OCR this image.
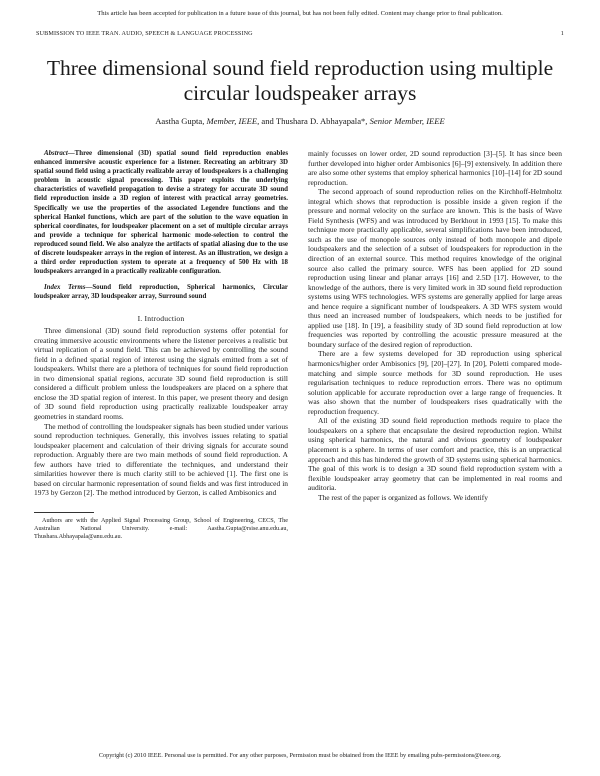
This article has been accepted for publication in a future issue of this journal, but has not been fully edited. Content may change prior to final publication.
SUBMISSION TO IEEE TRAN. AUDIO, SPEECH & LANGUAGE PROCESSING	1
Three dimensional sound field reproduction using multiple circular loudspeaker arrays
Aastha Gupta, Member, IEEE, and Thushara D. Abhayapala*, Senior Member, IEEE

Abstract—Three dimensional (3D) spatial sound field reproduction enables enhanced immersive acoustic experience for a listener. Recreating an arbitrary 3D spatial sound field using a practically realizable array of loudspeakers is a challenging problem in acoustic signal processing. This paper exploits the underlying characteristics of wavefield propagation to devise a strategy for accurate 3D sound field reproduction inside a 3D region of interest with practical array geometries. Specifically we use the properties of the associated Legendre functions and the spherical Hankel functions, which are part of the solution to the wave equation in spherical coordinates, for loudspeaker placement on a set of multiple circular arrays and provide a technique for spherical harmonic mode-selection to control the reproduced sound field. We also analyze the artifacts of spatial aliasing due to the use of discrete loudspeaker arrays in the region of interest. As an illustration, we design a a third order reproduction system to operate at a frequency of 500 Hz with 18 loudspeakers arranged in a practically realizable configuration.

Index Terms—Sound field reproduction, Spherical harmonics, Circular loudspeaker array, 3D loudspeaker array, Surround sound

I. Introduction

Three dimensional (3D) sound field reproduction systems offer potential for creating immersive acoustic environments where the listener perceives a realistic but virtual replication of a sound field. This can be achieved by controlling the sound field in a defined spatial region of interest using the signals emitted from a set of loudspeakers. Whilst there are a plethora of techniques for sound field reproduction in two dimensional spatial regions, accurate 3D sound field reproduction is still considered a difficult problem unless the loudspeakers are placed on a sphere that enclose the 3D spatial region of interest. In this paper, we present theory and design of 3D sound field reproduction using practically realizable loudspeaker array geometries in standard rooms.

The method of controlling the loudspeaker signals has been studied under various sound reproduction techniques. Generally, this involves issues relating to spatial loudspeaker placement and calculation of their driving signals for accurate sound reproduction. Arguably there are two main methods of sound field reproduction. A few authors have tried to differentiate the techniques, and understand their similarities however there is much clarity still to be achieved [1]. The first one is based on circular harmonic representation of sound fields and was first introduced in 1973 by Gerzon [2]. The method introduced by Gerzon, is called Ambisonics and

Authors are with the Applied Signal Processing Group, School of Engineering, CECS, The Australian National University. e-mail: Aastha.Gupta@rsise.anu.edu.au, Thushara.Abhayapala@anu.edu.au.

mainly focusses on lower order, 2D sound reproduction [3]–[5]. It has since been further developed into higher order Ambisonics [6]–[9] extensively. In addition there are also some other systems that employ spherical harmonics [10]–[14] for 2D sound reproduction.

The second approach of sound reproduction relies on the Kirchhoff-Helmholtz integral which shows that reproduction is possible inside a given region if the pressure and normal velocity on the surface are known. This is the basis of Wave Field Synthesis (WFS) and was introduced by Berkhout in 1993 [15]. To make this technique more practically applicable, several simplifications have been introduced, such as the use of monopole sources only instead of both monopole and dipole loudspeakers and the selection of a subset of loudspeakers for reproduction in the direction of an external source. This method requires knowledge of the original source also called the primary source. WFS has been applied for 2D sound reproduction using linear and planar arrays [16] and 2.5D [17]. However, to the knowledge of the authors, there is very limited work in 3D sound field reproduction systems using WFS technologies. WFS systems are generally applied for large areas and hence require a significant number of loudspeakers. A 3D WFS system would thus need an increased number of loudspeakers, which needs to be justified for applied use [18]. In [19], a feasibility study of 3D sound field reproduction at low frequencies was reported by controlling the acoustic pressure measured at the boundary surface of the desired region of reproduction.

There are a few systems developed for 3D reproduction using spherical harmonics/higher order Ambisonics [9], [20]–[27]. In [20], Poletti compared mode-matching and simple source methods for 3D sound reproduction. He uses regularisation techniques to reduce reproduction errors. There was no optimum solution applicable for accurate reproduction over a large range of frequencies. It was also shown that the number of loudspeakers rises quadratically with the reproduction frequency.

All of the existing 3D sound field reproduction methods require to place the loudspeakers on a sphere that encapsulate the desired reproduction region. Whilst using spherical harmonics, the natural and obvious geometry of loudspeaker placement is a sphere. In terms of user comfort and practice, this is an unpractical approach and this has hindered the growth of 3D systems using spherical harmonics. The goal of this work is to design a 3D sound field reproduction system with a flexible loudspeaker array geometry that can be implemented in real rooms and auditoria.

The rest of the paper is organized as follows. We identify

Copyright (c) 2010 IEEE. Personal use is permitted. For any other purposes, Permission must be obtained from the IEEE by emailing pubs-permissions@ieee.org.
